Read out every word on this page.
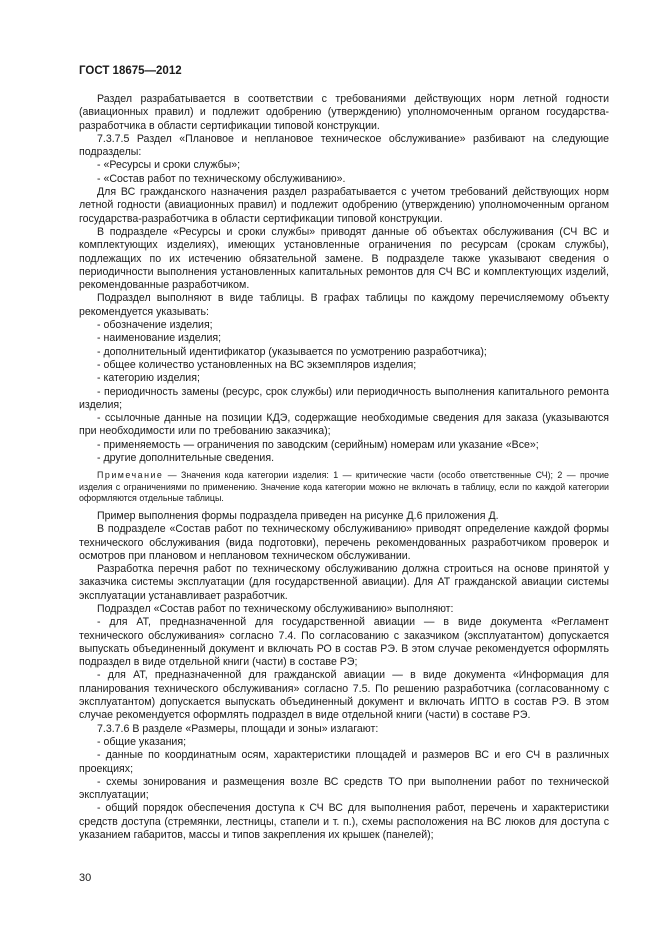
ГОСТ 18675—2012
Раздел разрабатывается в соответствии с требованиями действующих норм летной годности (авиационных правил) и подлежит одобрению (утверждению) уполномоченным органом государства-разработчика в области сертификации типовой конструкции.
7.3.7.5 Раздел «Плановое и неплановое техническое обслуживание» разбивают на следующие подразделы:
- «Ресурсы и сроки службы»;
- «Состав работ по техническому обслуживанию».
Для ВС гражданского назначения раздел разрабатывается с учетом требований действующих норм летной годности (авиационных правил) и подлежит одобрению (утверждению) уполномоченным органом государства-разработчика в области сертификации типовой конструкции.
В подразделе «Ресурсы и сроки службы» приводят данные об объектах обслуживания (СЧ ВС и комплектующих изделиях), имеющих установленные ограничения по ресурсам (срокам службы), подлежащих по их истечению обязательной замене. В подразделе также указывают сведения о периодичности выполнения установленных капитальных ремонтов для СЧ ВС и комплектующих изделий, рекомендованные разработчиком.
Подраздел выполняют в виде таблицы. В графах таблицы по каждому перечисляемому объекту рекомендуется указывать:
- обозначение изделия;
- наименование изделия;
- дополнительный идентификатор (указывается по усмотрению разработчика);
- общее количество установленных на ВС экземпляров изделия;
- категорию изделия;
- периодичность замены (ресурс, срок службы) или периодичность выполнения капитального ремонта изделия;
- ссылочные данные на позиции КДЭ, содержащие необходимые сведения для заказа (указываются при необходимости или по требованию заказчика);
- применяемость — ограничения по заводским (серийным) номерам или указание «Все»;
- другие дополнительные сведения.
Примечание — Значения кода категории изделия: 1 — критические части (особо ответственные СЧ); 2 — прочие изделия с ограничениями по применению. Значение кода категории можно не включать в таблицу, если по каждой категории оформляются отдельные таблицы.
Пример выполнения формы подраздела приведен на рисунке Д.6 приложения Д.
В подразделе «Состав работ по техническому обслуживанию» приводят определение каждой формы технического обслуживания (вида подготовки), перечень рекомендованных разработчиком проверок и осмотров при плановом и неплановом техническом обслуживании.
Разработка перечня работ по техническому обслуживанию должна строиться на основе принятой у заказчика системы эксплуатации (для государственной авиации). Для АТ гражданской авиации системы эксплуатации устанавливает разработчик.
Подраздел «Состав работ по техническому обслуживанию» выполняют:
- для АТ, предназначенной для государственной авиации — в виде документа «Регламент технического обслуживания» согласно 7.4. По согласованию с заказчиком (эксплуатантом) допускается выпускать объединенный документ и включать РО в состав РЭ. В этом случае рекомендуется оформлять подраздел в виде отдельной книги (части) в составе РЭ;
- для АТ, предназначенной для гражданской авиации — в виде документа «Информация для планирования технического обслуживания» согласно 7.5. По решению разработчика (согласованному с эксплуатантом) допускается выпускать объединенный документ и включать ИПТО в состав РЭ. В этом случае рекомендуется оформлять подраздел в виде отдельной книги (части) в составе РЭ.
7.3.7.6 В разделе «Размеры, площади и зоны» излагают:
- общие указания;
- данные по координатным осям, характеристики площадей и размеров ВС и его СЧ в различных проекциях;
- схемы зонирования и размещения возле ВС средств ТО при выполнении работ по технической эксплуатации;
- общий порядок обеспечения доступа к СЧ ВС для выполнения работ, перечень и характеристики средств доступа (стремянки, лестницы, стапели и т. п.), схемы расположения на ВС люков для доступа с указанием габаритов, массы и типов закрепления их крышек (панелей);
30
